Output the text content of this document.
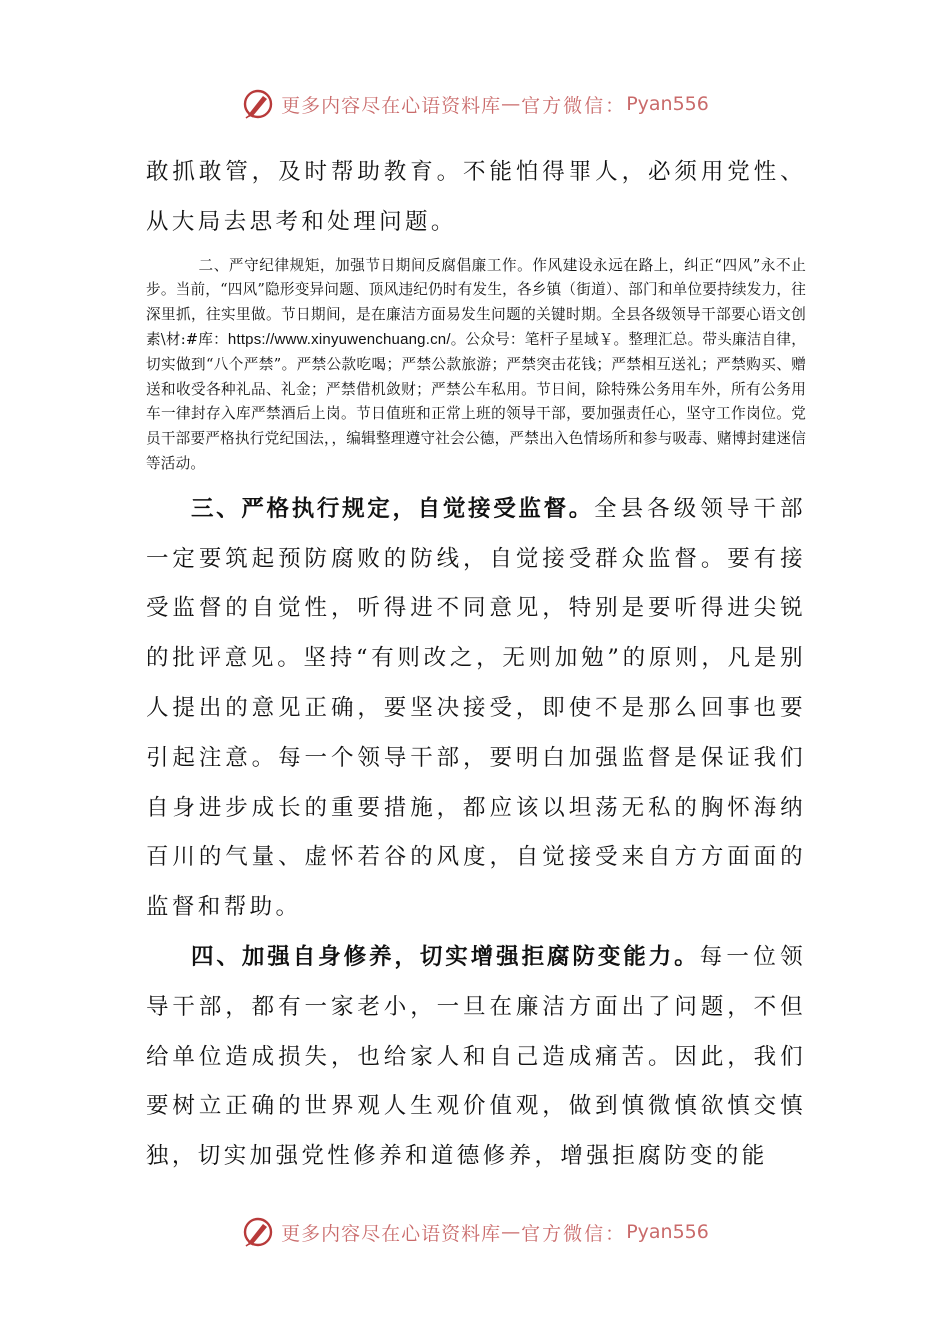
更多内容尽在心语资料库 — 官方微信： Pyan556

敢抓敢管，及时帮助教育。不能怕得罪人，必须用党性、从大局去思考和处理问题。

二、严守纪律规矩，加强节日期间反腐倡廉工作。作风建设永远在路上，纠正“四风”永不止步。当前，“四风”隐形变异问题、顶风违纪仍时有发生，各乡镇（街道）、部门和单位要持续发力，往深里抓，往实里做。节日期间，是在廉洁方面易发生问题的关键时期。全县各级领导干部要心语文创素\材:#库：https://www.xinyuwenchuang.cn/。公众号：笔杆子星域￥。整理汇总。带头廉洁自律，切实做到“八个严禁”。严禁公款吃喝；严禁公款旅游；严禁突击花钱；严禁相互送礼；严禁购买、赠送和收受各种礼品、礼金；严禁借机敛财；严禁公车私用。节日间，除特殊公务用车外，所有公务用车一律封存入库严禁酒后上岗。节日值班和正常上班的领导干部，要加强责任心，坚守工作岗位。党员干部要严格执行党纪国法，，编辑整理遵守社会公德，严禁出入色情场所和参与吸毒、赌博封建迷信等活动。

三、严格执行规定，自觉接受监督。全县各级领导干部一定要筑起预防腐败的防线，自觉接受群众监督。要有接受监督的自觉性，听得进不同意见，特别是要听得进尖锐的批评意见。坚持“有则改之，无则加勉”的原则，凡是别人提出的意见正确，要坚决接受，即使不是那么回事也要引起注意。每一个领导干部，要明白加强监督是保证我们自身进步成长的重要措施，都应该以坦荡无私的胸怀海纳百川的气量、虚怀若谷的风度，自觉接受来自方方面面的监督和帮助。

四、加强自身修养，切实增强拒腐防变能力。每一位领导干部，都有一家老小，一旦在廉洁方面出了问题，不但给单位造成损失，也给家人和自己造成痛苦。因此，我们要树立正确的世界观人生观价值观，做到慎微慎欲慎交慎独，切实加强党性修养和道德修养，增强拒腐防变的能

更多内容尽在心语资料库 — 官方微信： Pyan556
